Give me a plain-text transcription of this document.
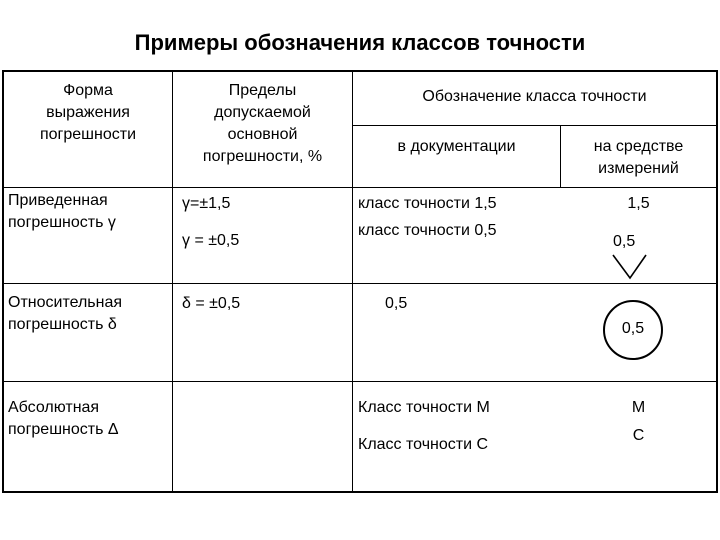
Примеры обозначения классов точности
Форма
выражения
погрешности
Пределы
допускаемой
основной
погрешности, %
Обозначение класса точности
в документации	на средстве
измерений
Приведенная
погрешность γ
γ=±1,5
γ = ±0,5
класс точности 1,5
класс точности 0,5
1,5
0,5
Относительная
погрешность δ
δ = ±0,5	0,5
0,5
Абсолютная
погрешность Δ
Класс точности М
Класс точности С
М
С
